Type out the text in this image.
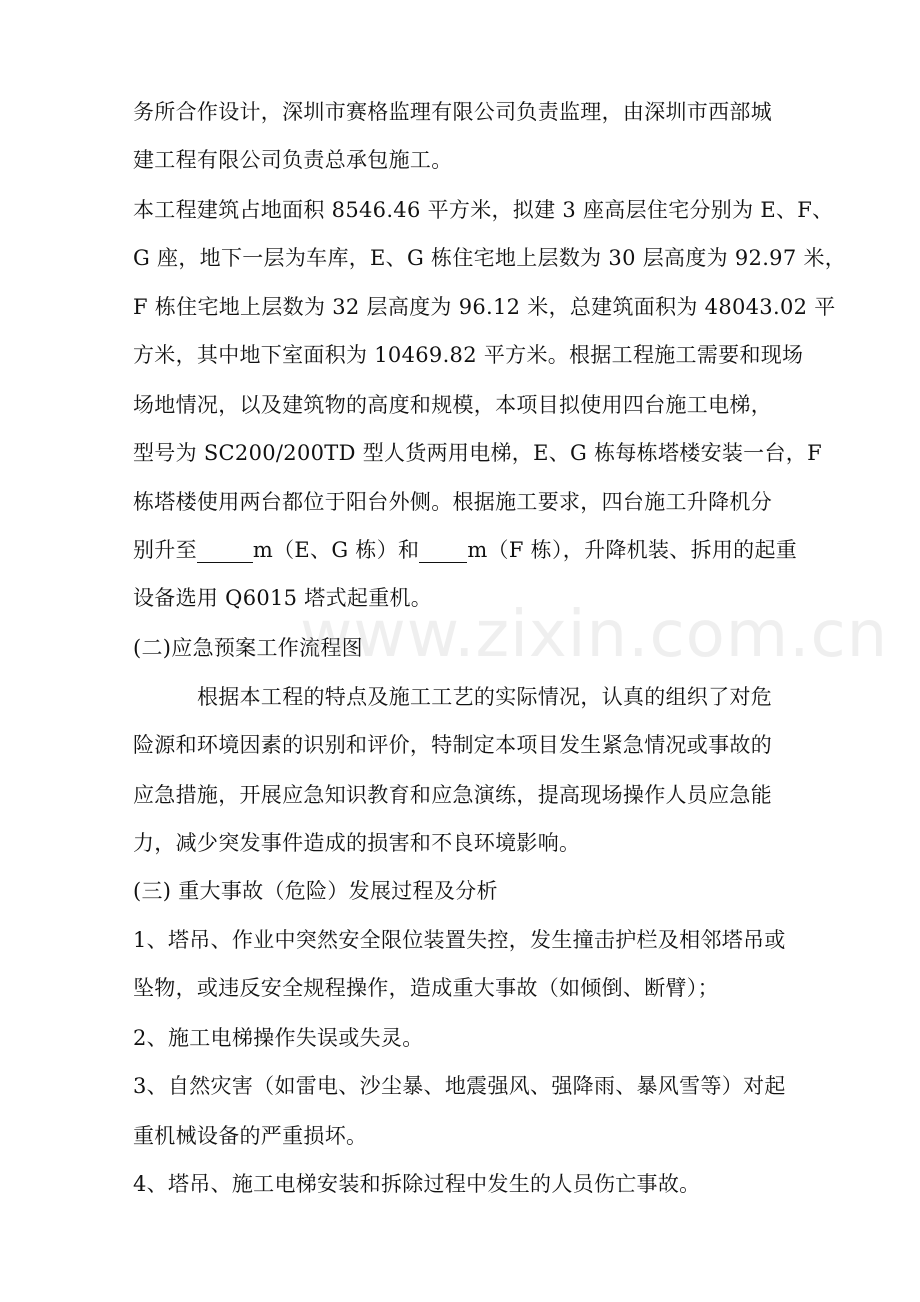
务所合作设计，深圳市赛格监理有限公司负责监理，由深圳市西部城
建工程有限公司负责总承包施工。
本工程建筑占地面积 8546.46 平方米，拟建 3 座高层住宅分别为 E、F、
G 座，地下一层为车库，E、G 栋住宅地上层数为 30 层高度为 92.97 米，
F 栋住宅地上层数为 32 层高度为 96.12 米，总建筑面积为 48043.02 平
方米，其中地下室面积为 10469.82 平方米。根据工程施工需要和现场
场地情况，以及建筑物的高度和规模，本项目拟使用四台施工电梯，
型号为 SC200/200TD 型人货两用电梯，E、G 栋每栋塔楼安装一台，F
栋塔楼使用两台都位于阳台外侧。根据施工要求，四台施工升降机分
别升至	m（E、G 栋）和 m（F 栋），升降机装、拆用的起重
设备选用 Q6015 塔式起重机。
(二)应急预案工作流程图
根据本工程的特点及施工工艺的实际情况，认真的组织了对危
险源和环境因素的识别和评价，特制定本项目发生紧急情况或事故的
应急措施，开展应急知识教育和应急演练，提高现场操作人员应急能
力，减少突发事件造成的损害和不良环境影响。
(三) 重大事故（危险）发展过程及分析
1、塔吊、作业中突然安全限位装置失控，发生撞击护栏及相邻塔吊或
坠物，或违反安全规程操作，造成重大事故（如倾倒、断臂）；
2、施工电梯操作失误或失灵。
3、自然灾害（如雷电、沙尘暴、地震强风、强降雨、暴风雪等）对起
重机械设备的严重损坏。
4、塔吊、施工电梯安装和拆除过程中发生的人员伤亡事故。
www.zixin.com.cn
